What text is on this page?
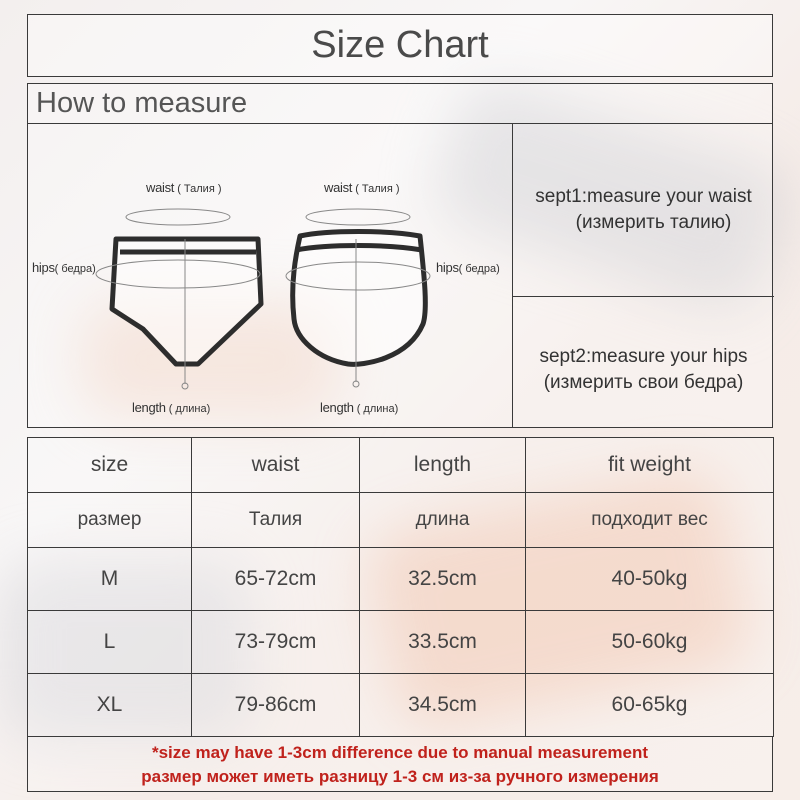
Size Chart
How to measure
waist ( Талия )	waist ( Талия )
hips( бедра)	hips( бедра)
length ( длина)	length ( длина)
sept1:measure your waist
(измерить талию)
sept2:measure your hips
(измерить свои бедра)
size	waist	length	fit weight
размер	Талия	длина	подходит вес
M	65-72cm	32.5cm	40-50kg
L	73-79cm	33.5cm	50-60kg
XL	79-86cm	34.5cm	60-65kg
*size may have 1-3cm difference due to manual measurement
размер может иметь разницу 1-3 см из-за ручного измерения
